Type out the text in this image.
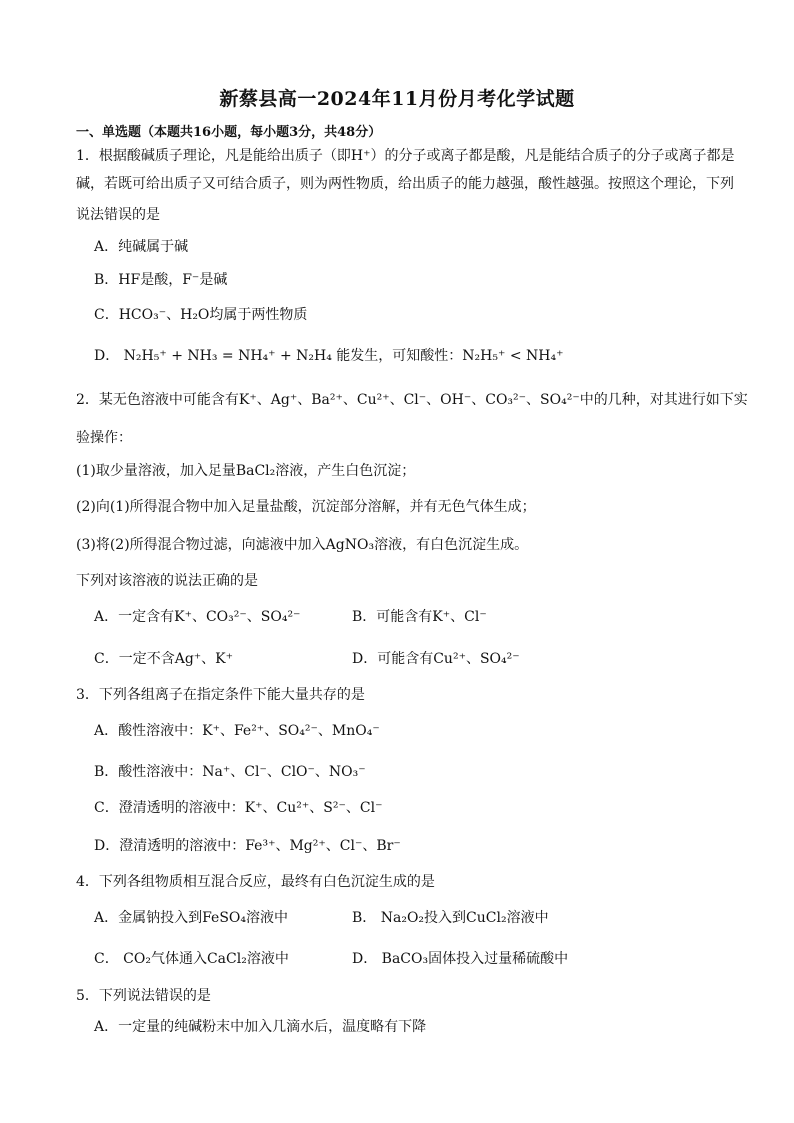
新蔡县高一2024年11月份月考化学试题
一、单选题（本题共16小题，每小题3分，共48分）
1．根据酸碱质子理论，凡是能给出质子（即H⁺）的分子或离子都是酸，凡是能结合质子的分子或离子都是
碱，若既可给出质子又可结合质子，则为两性物质，给出质子的能力越强，酸性越强。按照这个理论，下列
说法错误的是
A．纯碱属于碱
B．HF是酸，F⁻是碱
C．HCO₃⁻、H₂O均属于两性物质
D． N₂H₅⁺ + NH₃ = NH₄⁺ + N₂H₄ 能发生，可知酸性：N₂H₅⁺ < NH₄⁺
2．某无色溶液中可能含有K⁺、Ag⁺、Ba²⁺、Cu²⁺、Cl⁻、OH⁻、CO₃²⁻、SO₄²⁻中的几种，对其进行如下实
验操作：
(1)取少量溶液，加入足量BaCl₂溶液，产生白色沉淀；
(2)向(1)所得混合物中加入足量盐酸，沉淀部分溶解，并有无色气体生成；
(3)将(2)所得混合物过滤，向滤液中加入AgNO₃溶液，有白色沉淀生成。
下列对该溶液的说法正确的是
A．一定含有K⁺、CO₃²⁻、SO₄²⁻	B．可能含有K⁺、Cl⁻
C．一定不含Ag⁺、K⁺	D．可能含有Cu²⁺、SO₄²⁻
3．下列各组离子在指定条件下能大量共存的是
A．酸性溶液中：K⁺、Fe²⁺、SO₄²⁻、MnO₄⁻
B．酸性溶液中：Na⁺、Cl⁻、ClO⁻、NO₃⁻
C．澄清透明的溶液中：K⁺、Cu²⁺、S²⁻、Cl⁻
D．澄清透明的溶液中：Fe³⁺、Mg²⁺、Cl⁻、Br⁻
4．下列各组物质相互混合反应，最终有白色沉淀生成的是
A．金属钠投入到FeSO₄溶液中	B． Na₂O₂投入到CuCl₂溶液中
C． CO₂气体通入CaCl₂溶液中	D． BaCO₃固体投入过量稀硫酸中
5．下列说法错误的是
A．一定量的纯碱粉末中加入几滴水后，温度略有下降
